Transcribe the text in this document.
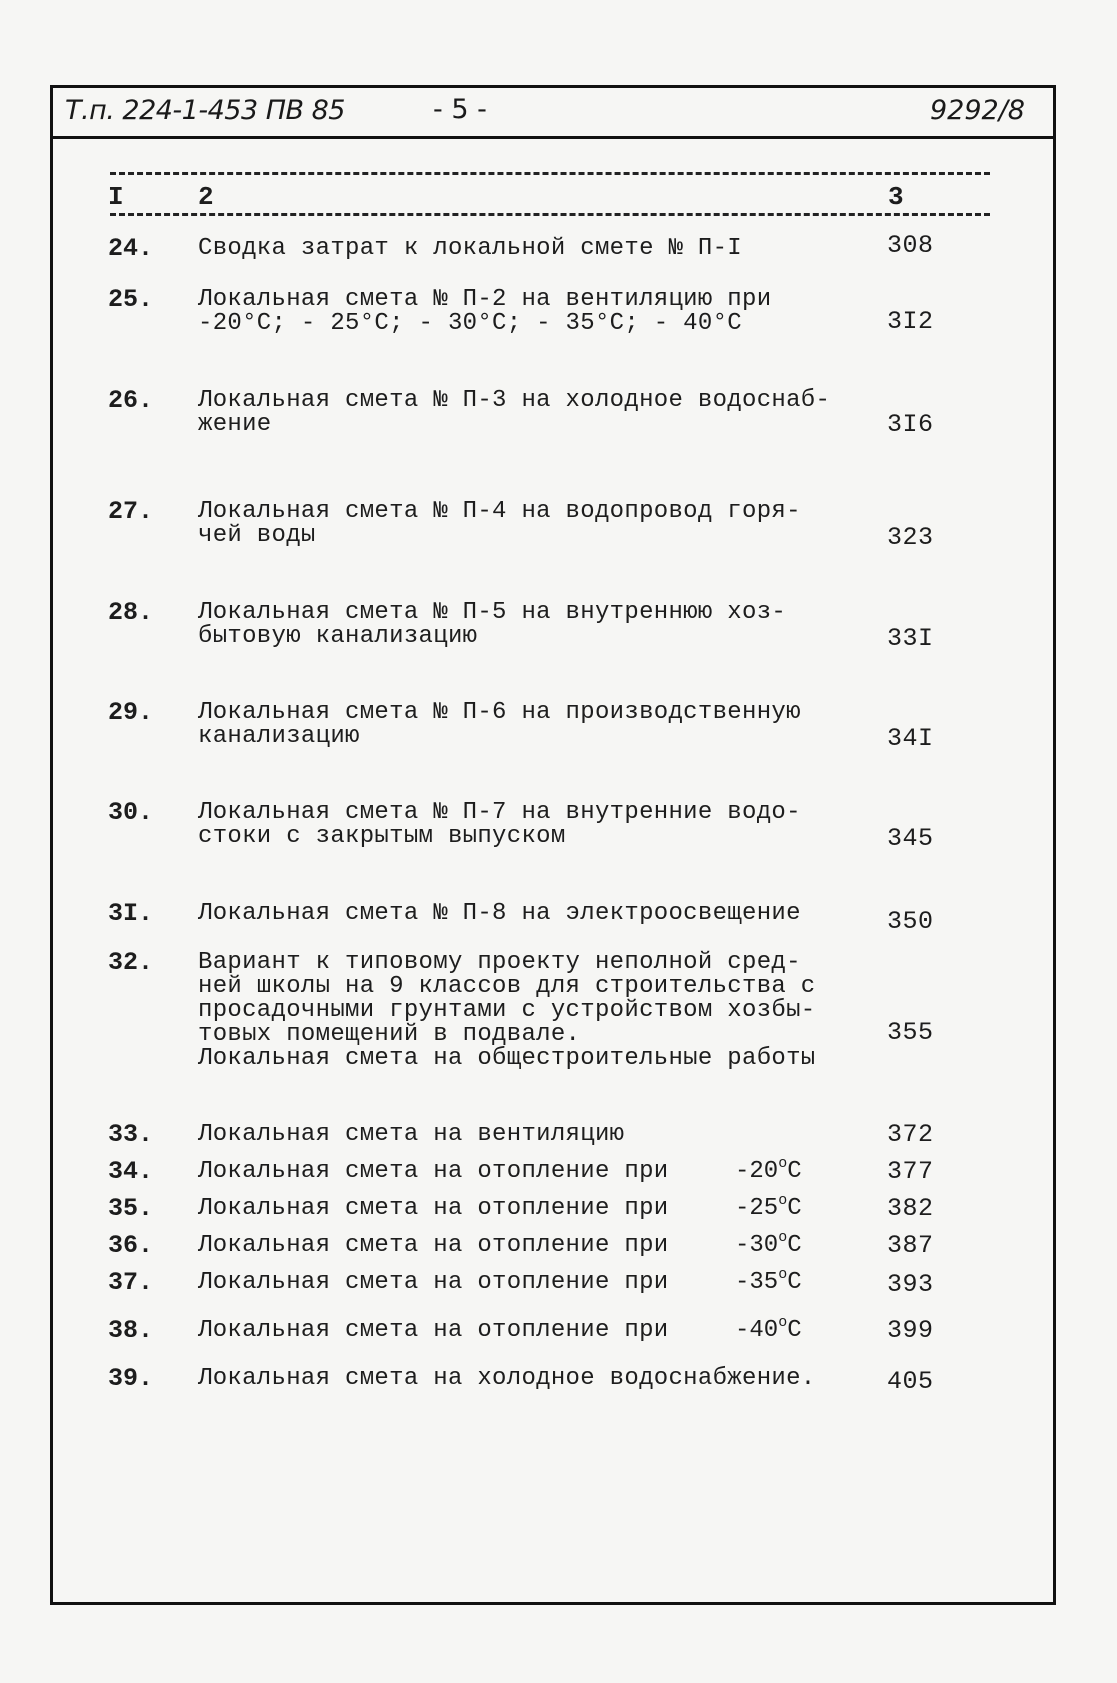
Т.п. 224-1-453 ПВ 85	- 5 -	9292/8
I	2	3
24. Сводка затрат к локальной смете № П-I	308
25. Локальная смета № П-2 на вентиляцию при
-20°С; - 25°С; - 30°С; - 35°С; - 40°С	3I2
26. Локальная смета № П-3 на холодное водоснаб-
жение	3I6
27. Локальная смета № П-4 на водопровод горя-
чей воды	323
28. Локальная смета № П-5 на внутреннюю хоз-
бытовую канализацию	33I
29. Локальная смета № П-6 на производственную
канализацию	34I
30. Локальная смета № П-7 на внутренние водо-
стоки с закрытым выпуском	345
3I. Локальная смета № П-8 на электроосвещение	350
32. Вариант к типовому проекту неполной сред-
ней школы на 9 классов для строительства с
просадочными грунтами с устройством хозбы-
товых помещений в подвале.
Локальная смета на общестроительные работы
355
33. Локальная смета на вентиляцию	372
34. Локальная смета на отопление при	-20$^o$C	377
35. Локальная смета на отопление при	-25$^o$C	382
36. Локальная смета на отопление при	-30$^o$C	387
37. Локальная смета на отопление при	-35$^o$C	393
38. Локальная смета на отопление при	-40$^o$C	399
39. Локальная смета на холодное водоснабжение.	405
